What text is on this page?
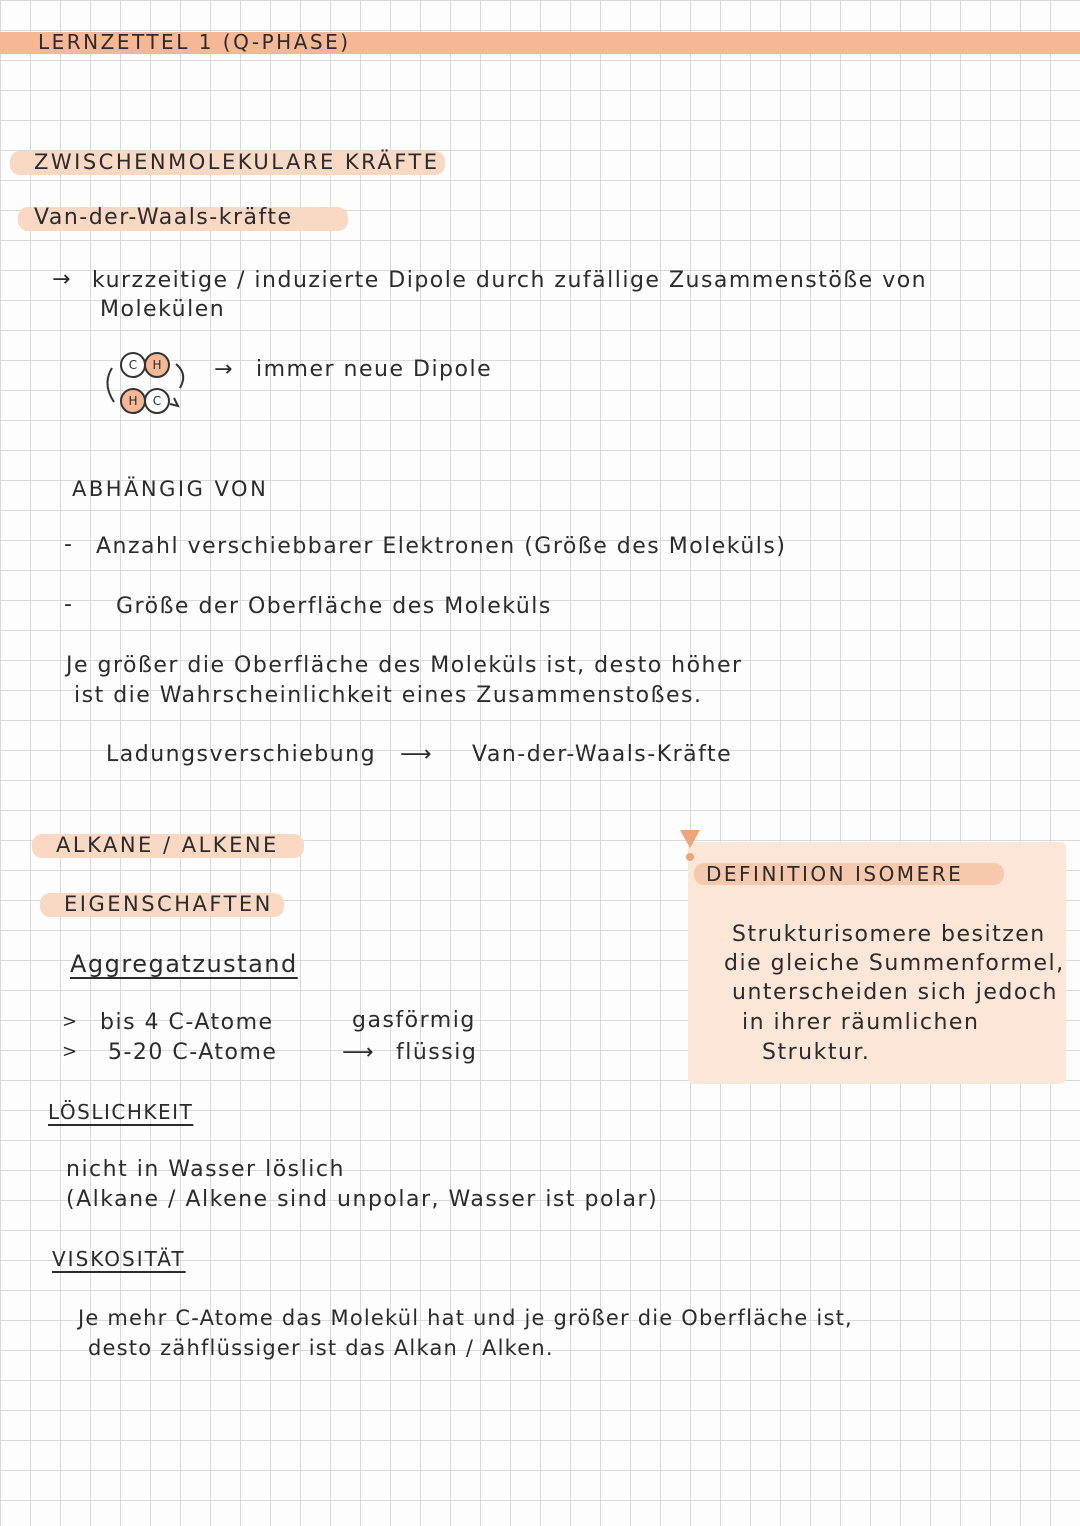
LERNZETTEL 1 (Q-PHASE)
ZWISCHENMOLEKULARE KRÄFTE
Van-der-Waals-kräfte
→ kurzzeitige / induzierte Dipole durch zufällige Zusammenstöße von
Molekülen
C	H
H	C
→ immer neue Dipole
ABHÄNGIG VON
- Anzahl verschiebbarer Elektronen (Größe des Moleküls)
- Größe der Oberfläche des Moleküls
Je größer die Oberfläche des Moleküls ist, desto höher
ist die Wahrscheinlichkeit eines Zusammenstoßes.
Ladungsverschiebung ⟶ Van-der-Waals-Kräfte
ALKANE / ALKENE
EIGENSCHAFTEN
Aggregatzustand
> bis 4 C-Atome	gasförmig
> 5-20 C-Atome	⟶ flüssig
LÖSLICHKEIT
nicht in Wasser löslich
(Alkane / Alkene sind unpolar, Wasser ist polar)
VISKOSITÄT
Je mehr C-Atome das Molekül hat und je größer die Oberfläche ist,
desto zähflüssiger ist das Alkan / Alken.
DEFINITION ISOMERE
Strukturisomere besitzen
die gleiche Summenformel,
unterscheiden sich jedoch
in ihrer räumlichen
Struktur.
